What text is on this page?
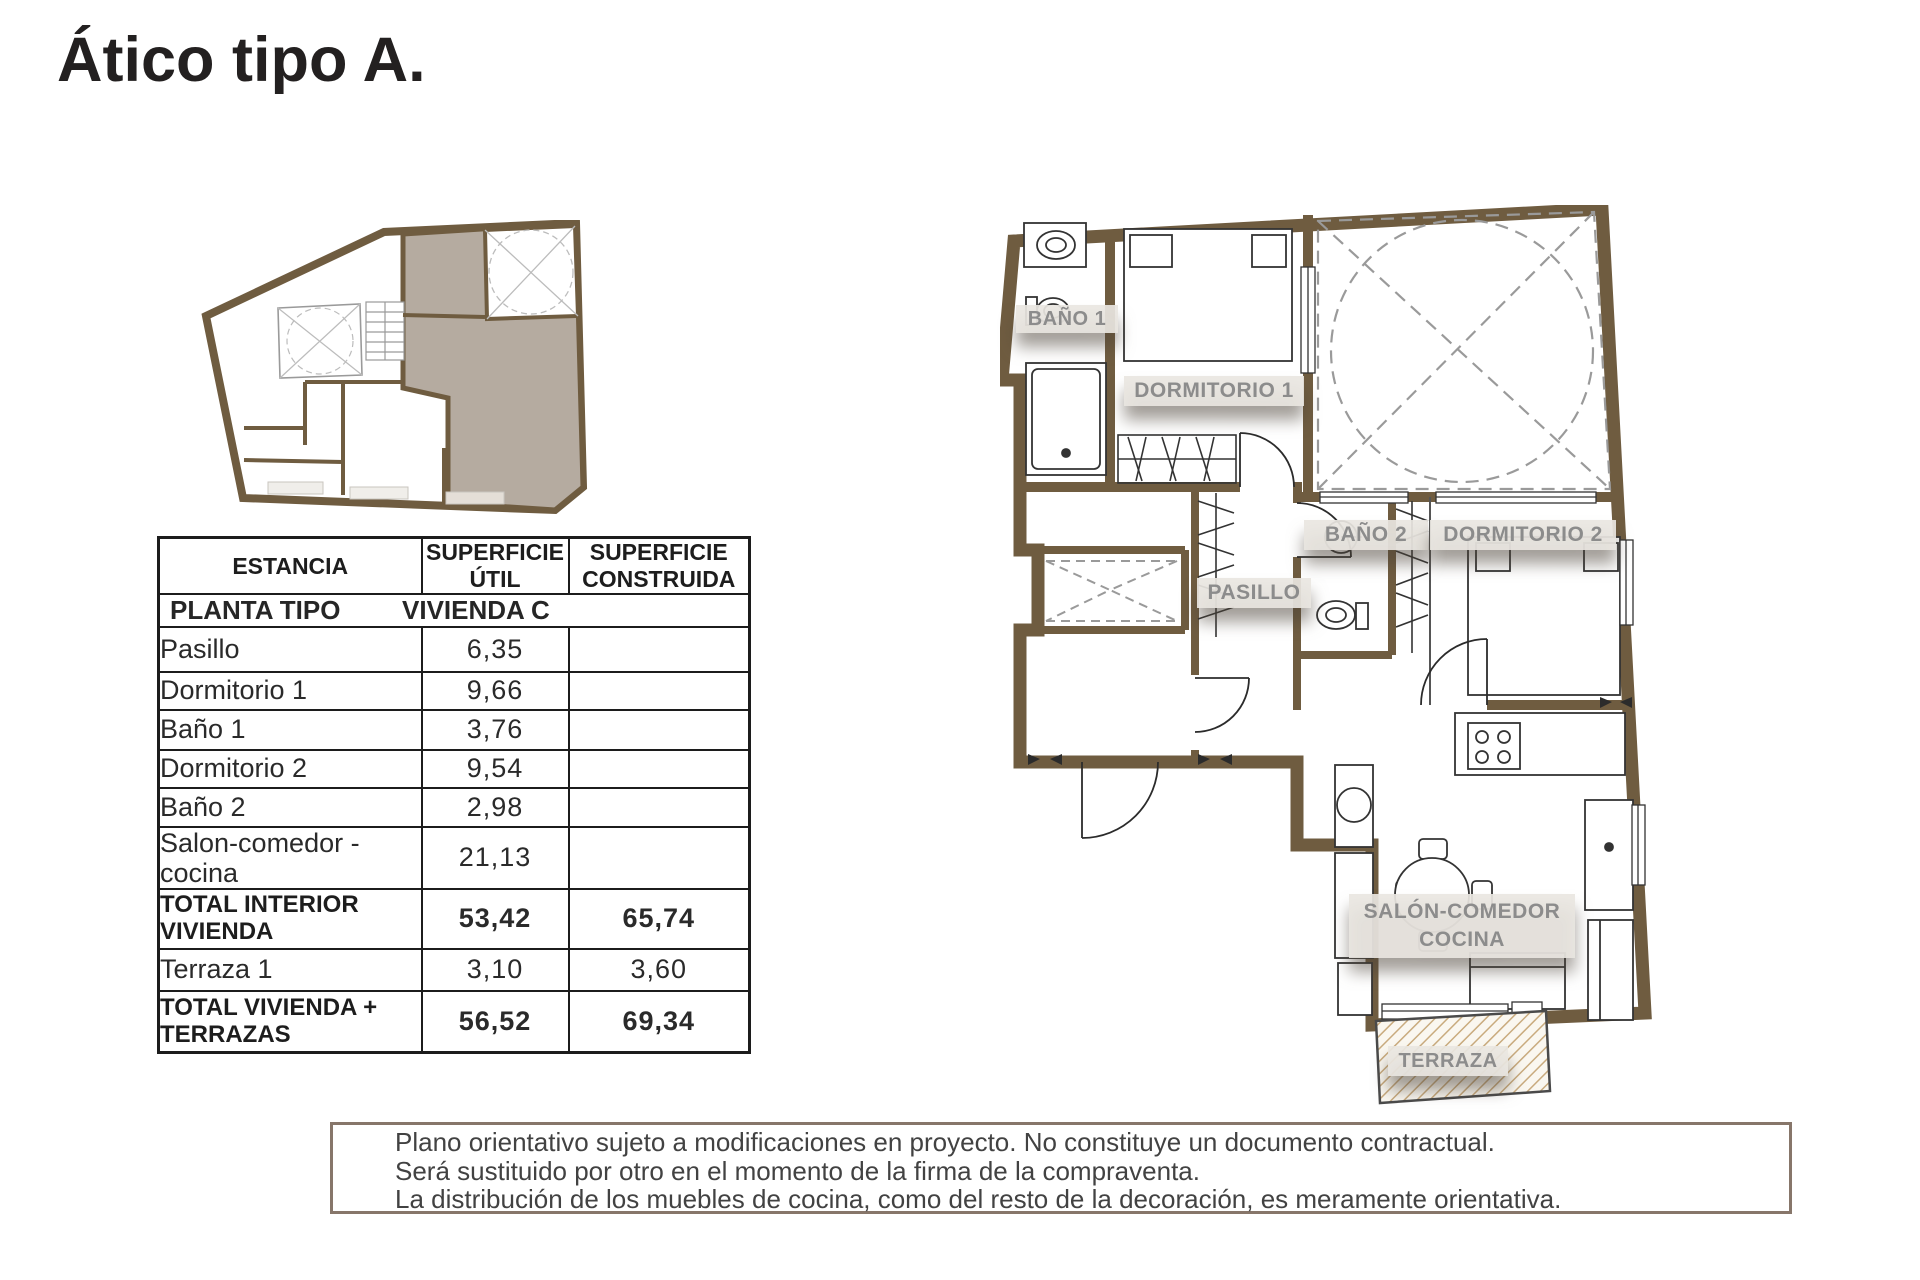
Ático tipo A.
ESTANCIA	SUPERFICIE ÚTIL	SUPERFICIE CONSTRUIDA
PLANTA TIPO VIVIENDA C		
Pasillo	6,35	
Dormitorio 1	9,66	
Baño 1	3,76	
Dormitorio 2	9,54	
Baño 2	2,98	
Salon-comedor - cocina	21,13	
TOTAL INTERIOR VIVIENDA	53,42	65,74
Terraza 1	3,10	3,60
TOTAL VIVIENDA + TERRAZAS	56,52	69,34
BAÑO 1
DORMITORIO 1
BAÑO 2 DORMITORIO 2
PASILLO
SALÓN-COMEDOR
COCINA
TERRAZA
Plano orientativo sujeto a modificaciones en proyecto. No constituye un documento contractual.
Será sustituido por otro en el momento de la firma de la compraventa.
La distribución de los muebles de cocina, como del resto de la decoración, es meramente orientativa.
